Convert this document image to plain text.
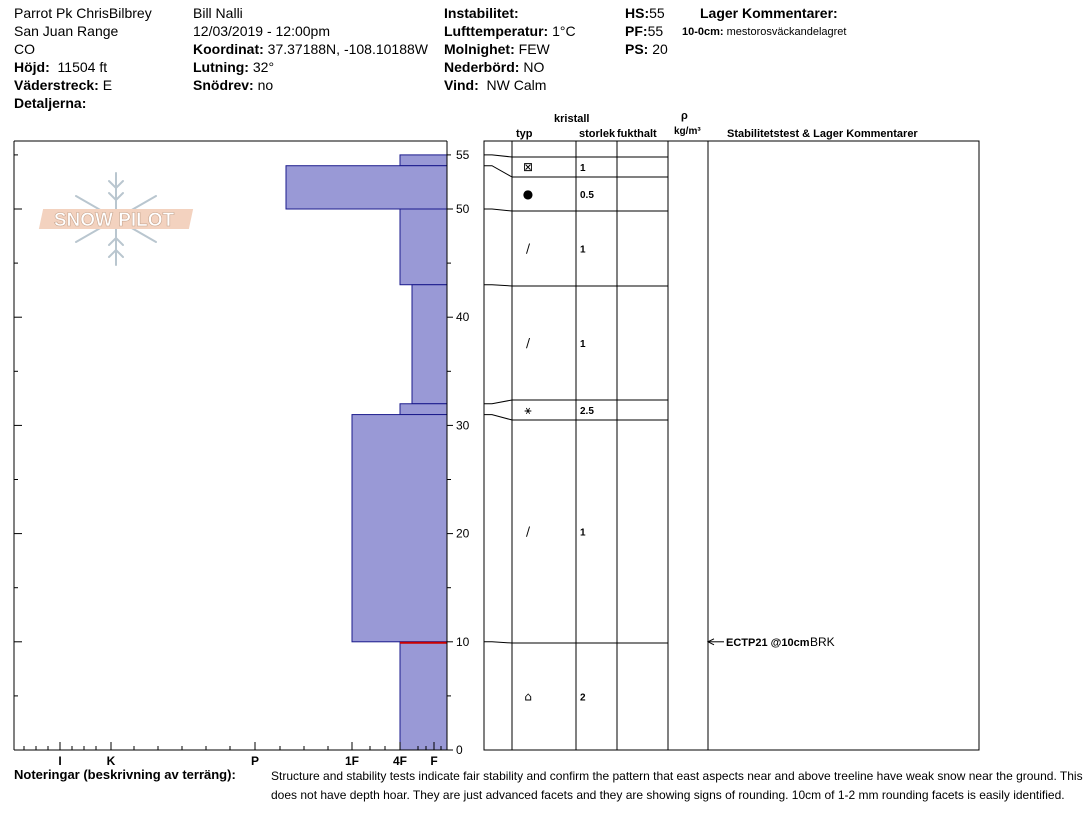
Parrot Pk ChrisBilbrey
San Juan Range
CO
Höjd: 11504 ft
Väderstreck: E
Detaljerna:
Bill Nalli
12/03/2019 - 12:00pm
Koordinat: 37.37188N, -108.10188W
Lutning: 32°
Snödrev: no
Instabilitet:
Lufttemperatur: 1°C
Molnighet: FEW
Nederbörd: NO
Vind: NW Calm
HS:55
PF:55
PS: 20
Lager Kommentarer:
10-0cm: mestorosväckandelagret
kristall
typ	storlek fukthalt
ρ
kg/m³ Stabilitetstest & Lager Kommentarer
SNOW PILOT
0
10
20
30
40
50
55
I	K	P	1F	4F F
⊠	1
●	0.5
/	1
/	1
⚹	2.5
/	1
⌂	2
ECTP21 @10cm BRK
Noteringar (beskrivning av terräng):	Structure and stability tests indicate fair stability and confirm the pattern that east aspects near and above treeline have weak snow near the ground. This
does not have depth hoar. They are just advanced facets and they are showing signs of rounding. 10cm of 1-2 mm rounding facets is easily identified.
